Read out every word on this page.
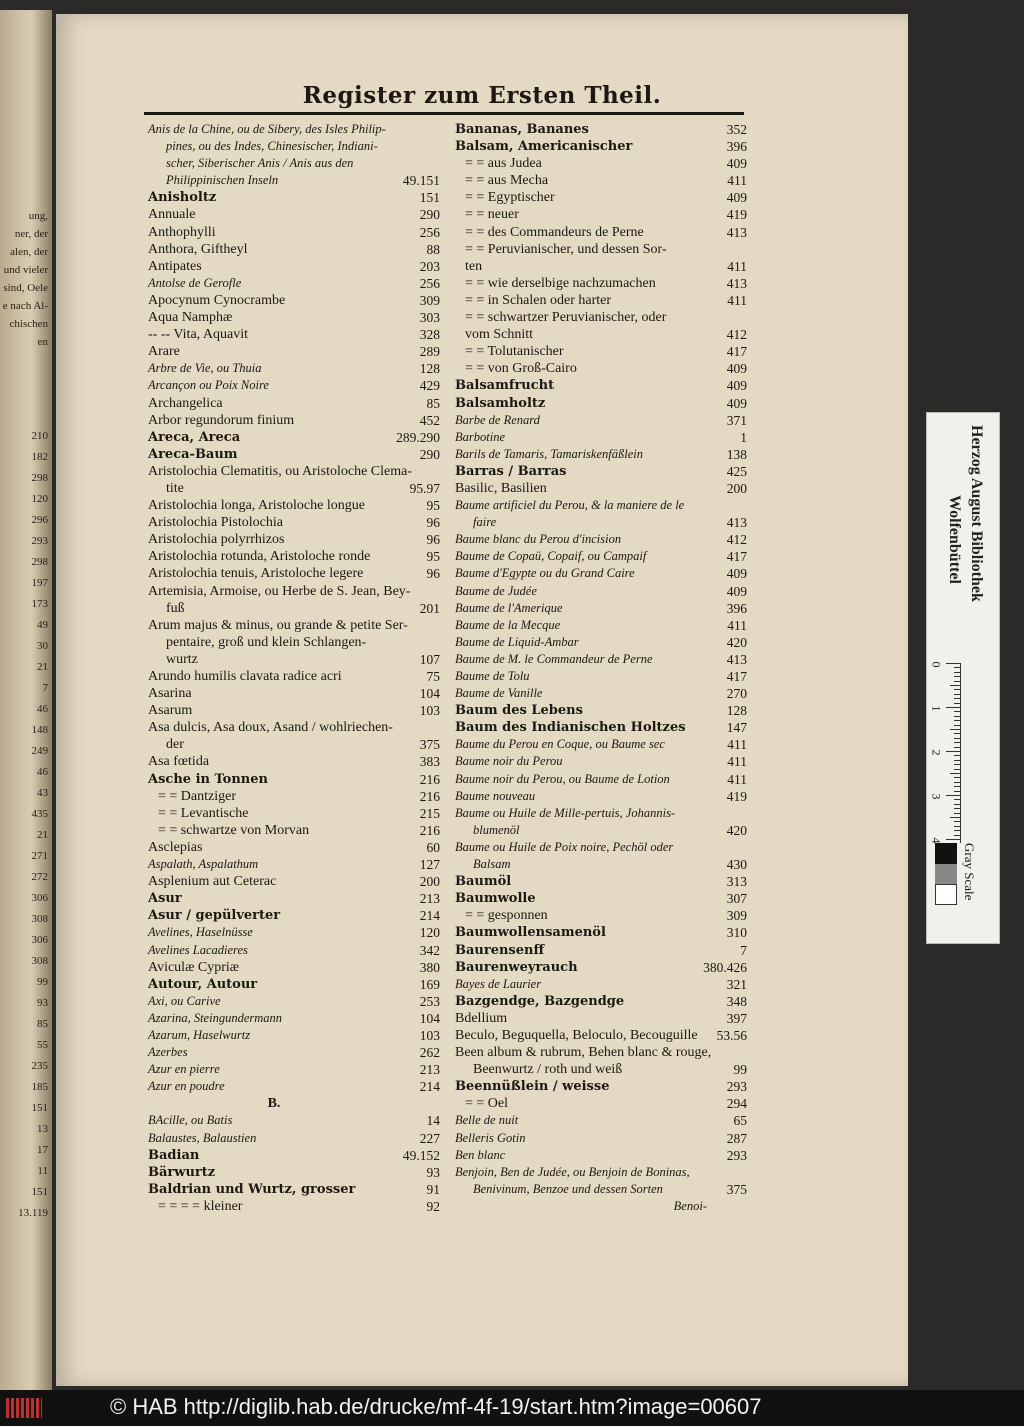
ung,
ner, der
alen, der
und vieler
sind, Oele
e nach Al-
chischen
en
210
182
298
120
296
293
298
197
173
49
30
21
7
46
148
249
46
43
435
21
271
272
306
308
306
308
99
93
85
55
235
185
151
13
17
11
151
13.119
Register zum Ersten Theil.
Anis de la Chine, ou de Sibery, des Isles Philip-
pines, ou des Indes, Chinesischer, Indiani-
scher, Siberischer Anis / Anis aus den
Philippinischen Inseln	49.151
Anisholtz	151
Annuale	290
Anthophylli	256
Anthora, Giftheyl	88
Antipates	203
Antolse de Gerofle	256
Apocynum Cynocrambe	309
Aqua Namphæ	303
-- -- Vita, Aquavit	328
Arare	289
Arbre de Vie, ou Thuia	128
Arcançon ou Poix Noire	429
Archangelica	85
Arbor regundorum finium	452
Areca, Areca	289.290
Areca-Baum	290
Aristolochia Clematitis, ou Aristoloche Clema-
tite	95.97
Aristolochia longa, Aristoloche longue	95
Aristolochia Pistolochia	96
Aristolochia polyrrhizos	96
Aristolochia rotunda, Aristoloche ronde	95
Aristolochia tenuis, Aristoloche legere	96
Artemisia, Armoise, ou Herbe de S. Jean, Bey-
fuß	201
Arum majus & minus, ou grande & petite Ser-
pentaire, groß und klein Schlangen-
wurtz	107
Arundo humilis clavata radice acri	75
Asarina	104
Asarum	103
Asa dulcis, Asa doux, Asand / wohlriechen-
der	375
Asa fœtida	383
Asche in Tonnen	216
= = Dantziger	216
= = Levantische	215
= = schwartze von Morvan	216
Asclepias	60
Aspalath, Aspalathum	127
Asplenium aut Ceterac	200
Asur	213
Asur / gepülverter	214
Avelines, Haselnüsse	120
Avelines Lacadieres	342
Aviculæ Cypriæ	380
Autour, Autour	169
Axi, ou Carive	253
Azarina, Steingundermann	104
Azarum, Haselwurtz	103
Azerbes	262
Azur en pierre	213
Azur en poudre	214
B.
BAcille, ou Batis	14
Balaustes, Balaustien	227
Badian	49.152
Bärwurtz	93
Baldrian und Wurtz, grosser	91
= = = = kleiner	92
Bananas, Bananes	352
Balsam, Americanischer	396
= = aus Judea	409
= = aus Mecha	411
= = Egyptischer	409
= = neuer	419
= = des Commandeurs de Perne	413
= = Peruvianischer, und dessen Sor-
ten	411
= = wie derselbige nachzumachen	413
= = in Schalen oder harter	411
= = schwartzer Peruvianischer, oder
vom Schnitt	412
= = Tolutanischer	417
= = von Groß-Cairo	409
Balsamfrucht	409
Balsamholtz	409
Barbe de Renard	371
Barbotine	1
Barils de Tamaris, Tamariskenfäßlein	138
Barras / Barras	425
Basilic, Basilien	200
Baume artificiel du Perou, & la maniere de le
faire	413
Baume blanc du Perou d'incision	412
Baume de Copaü, Copaif, ou Campaif	417
Baume d'Egypte ou du Grand Caire	409
Baume de Judée	409
Baume de l'Amerique	396
Baume de la Mecque	411
Baume de Liquid-Ambar	420
Baume de M. le Commandeur de Perne	413
Baume de Tolu	417
Baume de Vanille	270
Baum des Lebens	128
Baum des Indianischen Holtzes	147
Baume du Perou en Coque, ou Baume sec	411
Baume noir du Perou	411
Baume noir du Perou, ou Baume de Lotion	411
Baume nouveau	419
Baume ou Huile de Mille-pertuis, Johannis-
blumenöl	420
Baume ou Huile de Poix noire, Pechöl oder
Balsam	430
Baumöl	313
Baumwolle	307
= = gesponnen	309
Baumwollensamenöl	310
Baurensenff	7
Baurenweyrauch	380.426
Bayes de Laurier	321
Bazgendge, Bazgendge	348
Bdellium	397
Beculo, Beguquella, Beloculo, Becouguille 53.56
Been album & rubrum, Behen blanc & rouge,
Beenwurtz / roth und weiß	99
Beennüßlein / weisse	293
= = Oel	294
Belle de nuit	65
Belleris Gotin	287
Ben blanc	293
Benjoin, Ben de Judée, ou Benjoin de Boninas,
Benivinum, Benzoe und dessen Sorten	375
Benoi-
Herzog August Bibliothek
Wolfenbüttel
0
1
2
3
4
Gray Scale
© HAB http://diglib.hab.de/drucke/mf-4f-19/start.htm?image=00607
